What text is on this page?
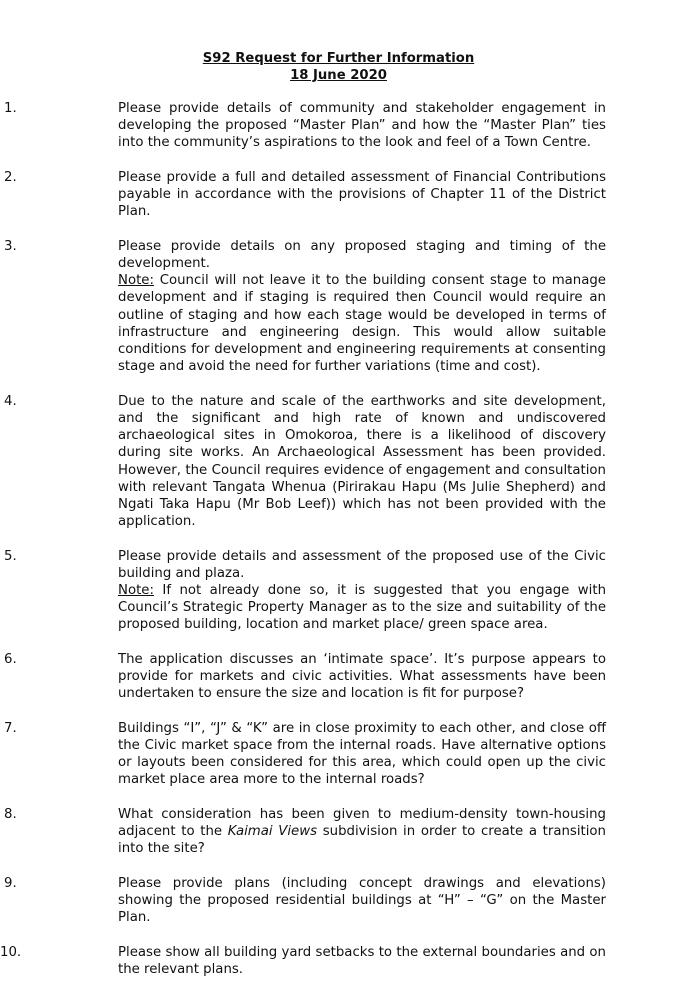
S92 Request for Further Information
18 June 2020
1.	Please provide details of community and stakeholder engagement in developing the proposed “Master Plan” and how the “Master Plan” ties into the community’s aspirations to the look and feel of a Town Centre.
2.	Please provide a full and detailed assessment of Financial Contributions payable in accordance with the provisions of Chapter 11 of the District Plan.
3.	Please provide details on any proposed staging and timing of the development.
Note: Council will not leave it to the building consent stage to manage development and if staging is required then Council would require an outline of staging and how each stage would be developed in terms of infrastructure and engineering design. This would allow suitable conditions for development and engineering requirements at consenting stage and avoid the need for further variations (time and cost).
4.	Due to the nature and scale of the earthworks and site development, and the significant and high rate of known and undiscovered archaeological sites in Omokoroa, there is a likelihood of discovery during site works. An Archaeological Assessment has been provided. However, the Council requires evidence of engagement and consultation with relevant Tangata Whenua (Pirirakau Hapu (Ms Julie Shepherd) and Ngati Taka Hapu (Mr Bob Leef)) which has not been provided with the application.
5.	Please provide details and assessment of the proposed use of the Civic building and plaza.
Note: If not already done so, it is suggested that you engage with Council’s Strategic Property Manager as to the size and suitability of the proposed building, location and market place/ green space area.
6.	The application discusses an ‘intimate space’. It’s purpose appears to provide for markets and civic activities. What assessments have been undertaken to ensure the size and location is fit for purpose?
7.	Buildings “I”, “J” & “K” are in close proximity to each other, and close off the Civic market space from the internal roads. Have alternative options or layouts been considered for this area, which could open up the civic market place area more to the internal roads?
8.	What consideration has been given to medium-density town-housing adjacent to the Kaimai Views subdivision in order to create a transition into the site?
9.	Please provide plans (including concept drawings and elevations) showing the proposed residential buildings at “H” – “G” on the Master Plan.
10.	Please show all building yard setbacks to the external boundaries and on the relevant plans.
